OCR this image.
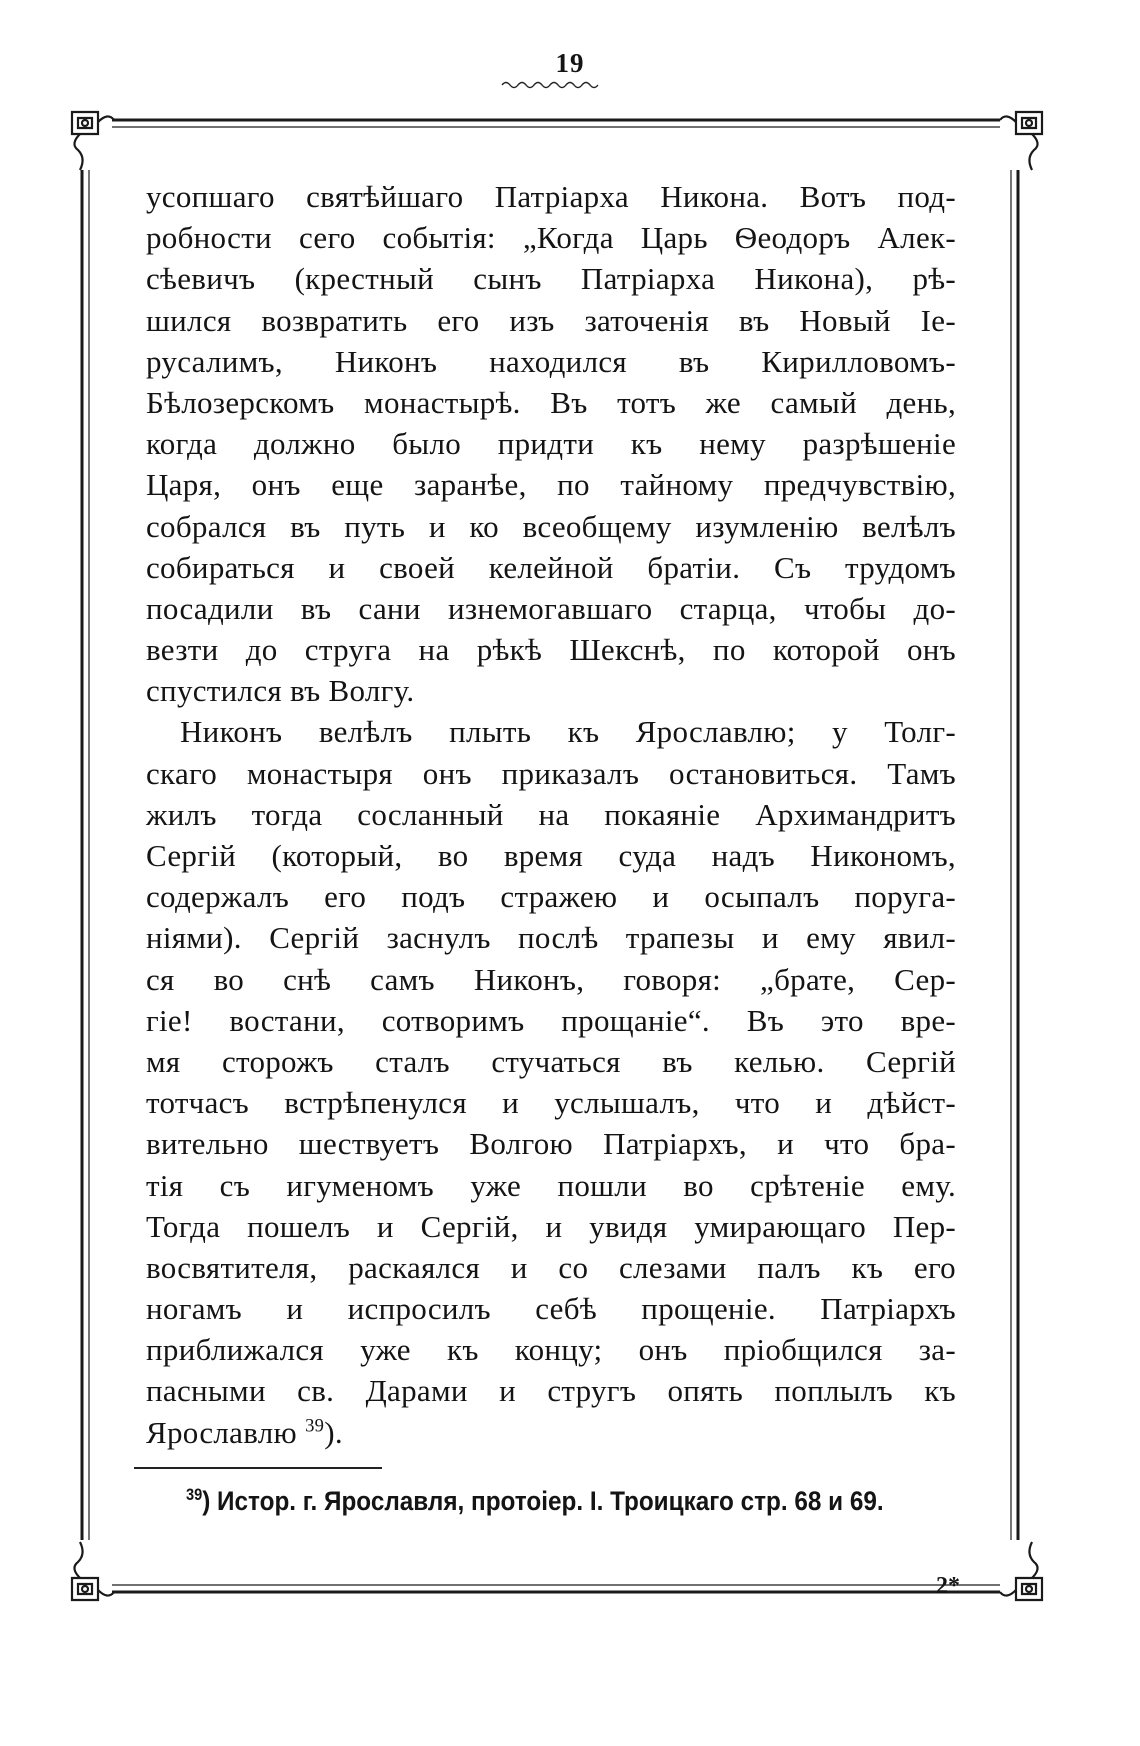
19
усопшаго святѣйшаго Патріарха Никона. Вотъ под-
робности сего событія: „Когда Царь Ѳеодоръ Алек-
сѣевичъ (крестный сынъ Патріарха Никона), рѣ-
шился возвратить его изъ заточенія въ Новый Іе-
русалимъ, Никонъ находился въ Кирилловомъ-
Бѣлозерскомъ монастырѣ. Въ тотъ же самый день,
когда должно было придти къ нему разрѣшеніе
Царя, онъ еще заранѣе, по тайному предчувствію,
собрался въ путь и ко всеобщему изумленію велѣлъ
собираться и своей келейной братіи. Съ трудомъ
посадили въ сани изнемогавшаго старца, чтобы до-
везти до струга на рѣкѣ Шекснѣ, по которой онъ
спустился въ Волгу.
Никонъ велѣлъ плыть къ Ярославлю; у Толг-
скаго монастыря онъ приказалъ остановиться. Тамъ
жилъ тогда сосланный на покаяніе Архимандритъ
Сергій (который, во время суда надъ Никономъ,
содержалъ его подъ стражею и осыпалъ поруга-
ніями). Сергій заснулъ послѣ трапезы и ему явил-
ся во снѣ самъ Никонъ, говоря: „брате, Сер-
гіе! востани, сотворимъ прощаніе“. Въ это вре-
мя сторожъ сталъ стучаться въ келью. Сергій
тотчасъ встрѣпенулся и услышалъ, что и дѣйст-
вительно шествуетъ Волгою Патріархъ, и что бра-
тія съ игуменомъ уже пошли во срѣтеніе ему.
Тогда пошелъ и Сергій, и увидя умирающаго Пер-
восвятителя, раскаялся и со слезами палъ къ его
ногамъ и испросилъ себѣ прощеніе. Патріархъ
приближался уже къ концу; онъ пріобщился за-
пасными св. Дарами и стругъ опять поплылъ къ
Ярославлю $^{39}$).
$^{39}$) Истор. г. Ярославля, протоіер. І. Троицкаго стр. 68 и 69.
2*
